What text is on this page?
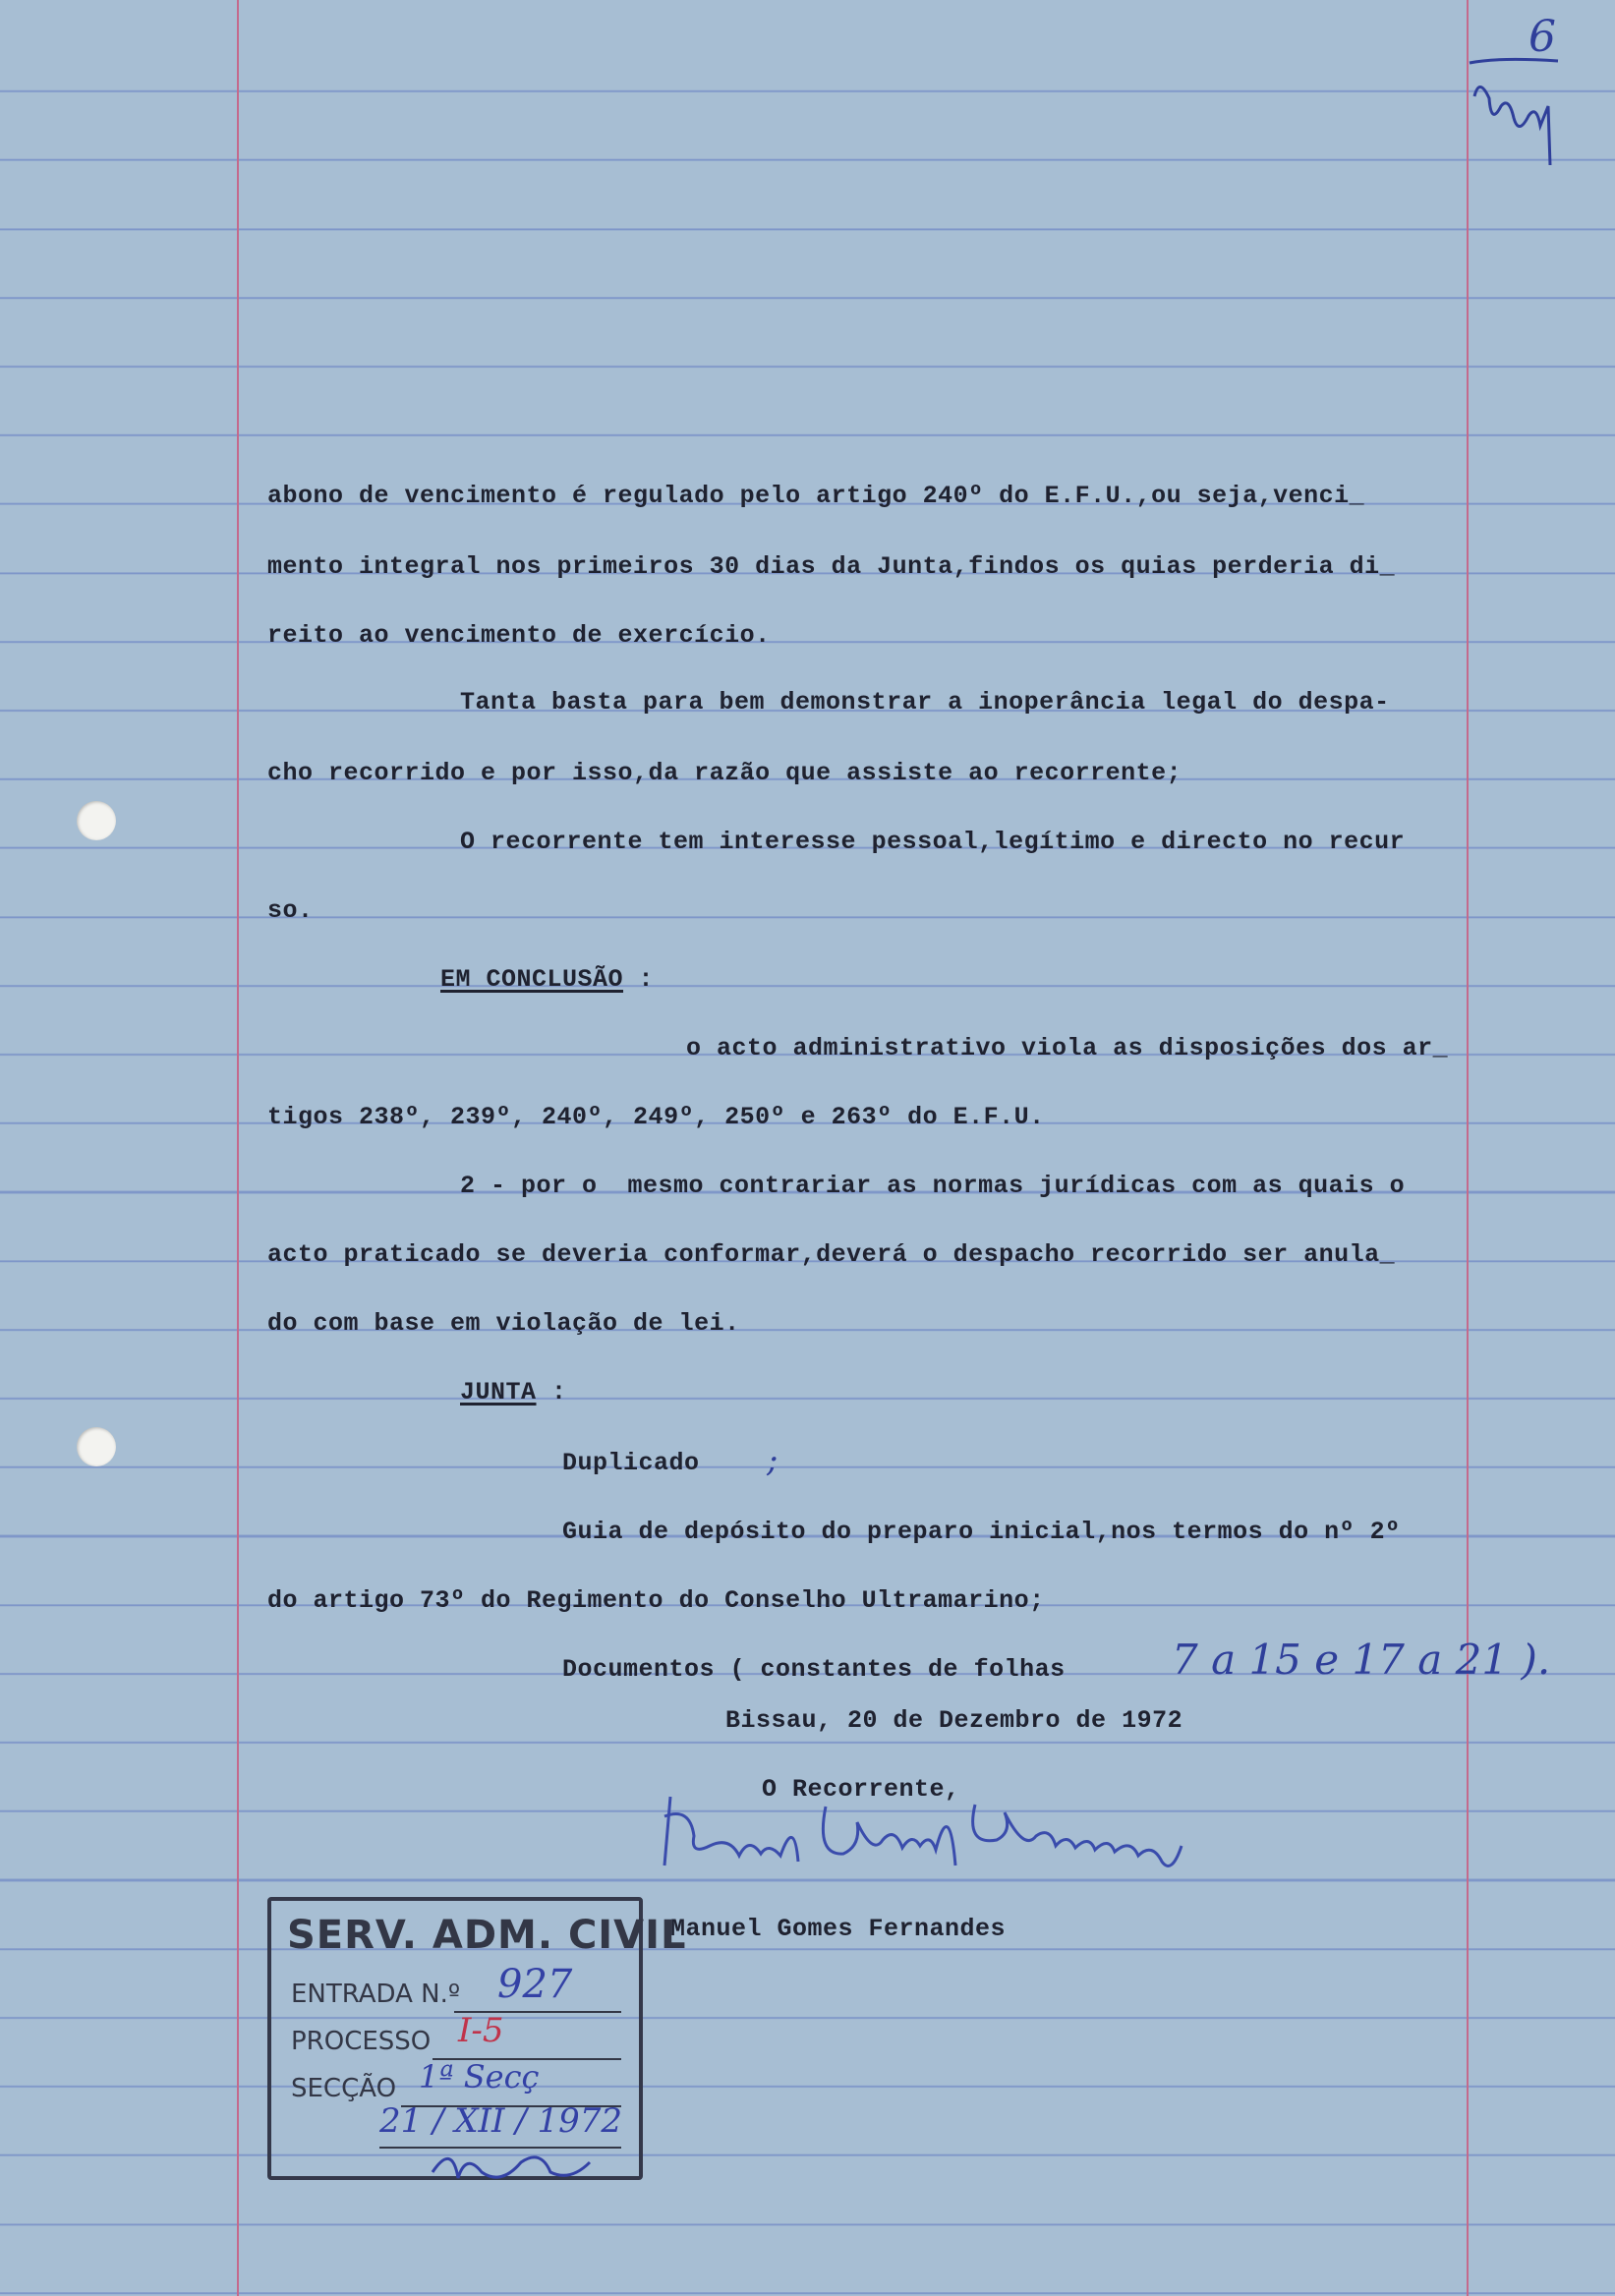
6
abono de vencimento é regulado pelo artigo 240º do E.F.U.,ou seja,venci_
mento integral nos primeiros 30 dias da Junta,findos os quias perderia di_
reito ao vencimento de exercício.
Tanta basta para bem demonstrar a inoperância legal do despa-
cho recorrido e por isso,da razão que assiste ao recorrente;
O recorrente tem interesse pessoal,legítimo e directo no recur
so.
EM CONCLUSÃO :
o acto administrativo viola as disposições dos ar_
tigos 238º, 239º, 240º, 249º, 250º e 263º do E.F.U.
2 - por o  mesmo contrariar as normas jurídicas com as quais o
acto praticado se deveria conformar,deverá o despacho recorrido ser anula_
do com base em violação de lei.
JUNTA :
Duplicado ;
Guia de depósito do preparo inicial,nos termos do nº 2º
do artigo 73º do Regimento do Conselho Ultramarino;
Documentos ( constantes de folhas	7 a 15 e 17 a 21 ).
Bissau, 20 de Dezembro de 1972
O Recorrente,
Manuel Gomes Fernandes
SERV. ADM. CIVIL
ENTRADA N.º 927
PROCESSO I-5
SECÇÃO 1ª Secç
21 / XII / 1972
